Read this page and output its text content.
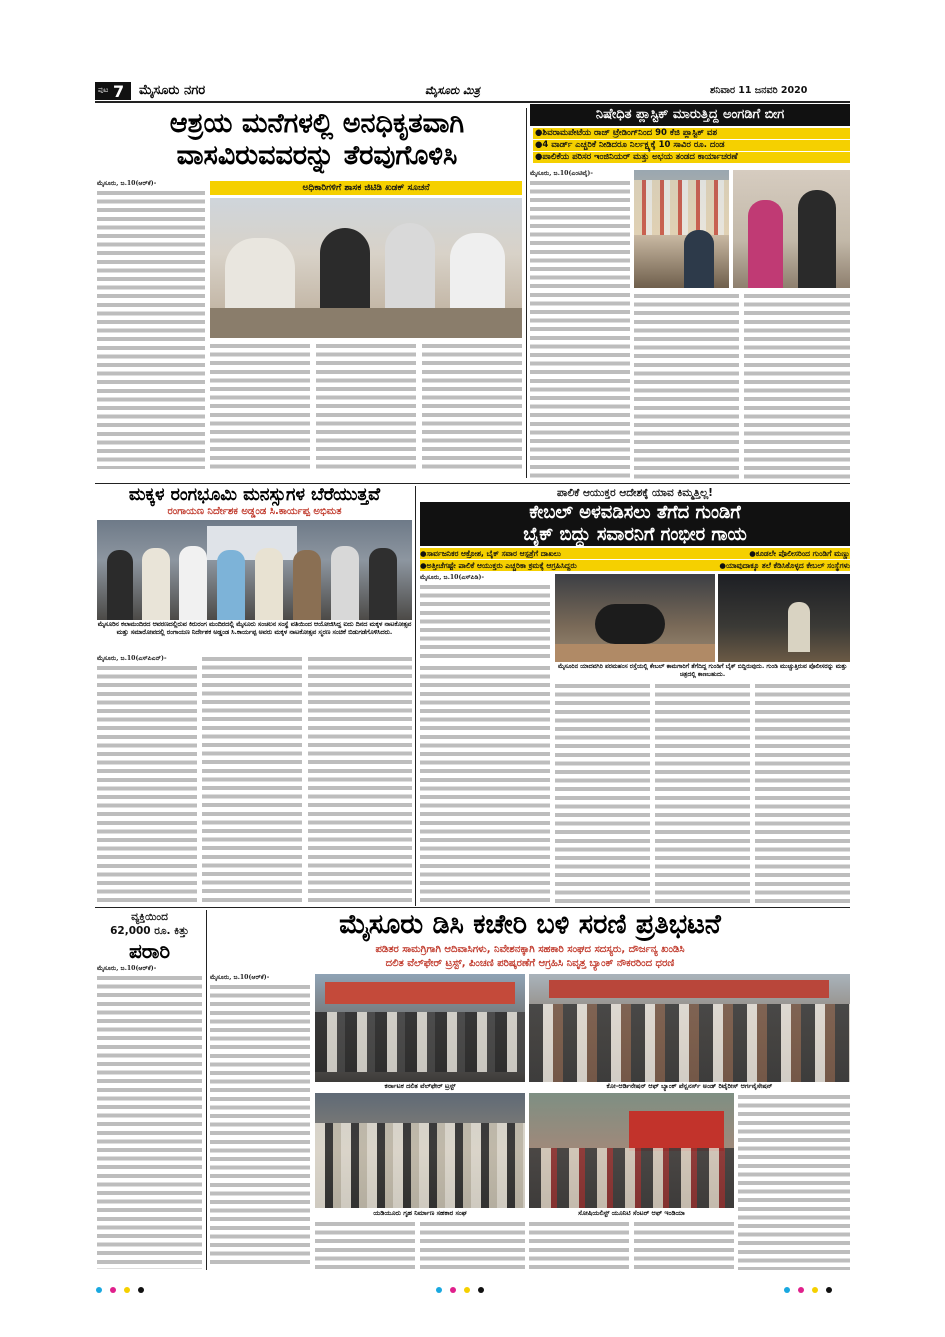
ಪುಟ 7 ಮೈಸೂರು ನಗರ	ಮೈಸೂರು ಮಿತ್ರ	ಶನಿವಾರ 11 ಜನವರಿ 2020
ಆಶ್ರಯ ಮನೆಗಳಲ್ಲಿ ಅನಧಿಕೃತವಾಗಿ
ವಾಸವಿರುವವರನ್ನು ತೆರವುಗೊಳಿಸಿ
ಅಧಿಕಾರಿಗಳಿಗೆ ಶಾಸಕ ಜಿಟಿಡಿ ಖಡಕ್ ಸೂಚನೆ
ಮೈಸೂರು, ಜ.10(ಆರ್‌ಕೆ)-
ನಿಷೇಧಿತ ಪ್ಲಾಸ್ಟಿಕ್ ಮಾರುತ್ತಿದ್ದ ಅಂಗಡಿಗೆ ಬೀಗ
●ಶಿವರಾಮಪೇಟೆಯ ರಾಜ್ ಟ್ರೇಡಿಂಗ್‌ನಿಂದ 90 ಕೆಜಿ ಪ್ಲಾಸ್ಟಿಕ್ ವಶ
●4 ವಾರ್ಡ್ ಎಚ್ಚರಿಕೆ ನೀಡಿದರೂ ನಿರ್ಲಕ್ಷ್ಯಕ್ಕೆ 10 ಸಾವಿರ ರೂ. ದಂಡ
●ಪಾಲಿಕೆಯ ಪರಿಸರ ಇಂಜಿನಿಯರ್ ಮತ್ತು ಅಭಯ ತಂಡದ ಕಾರ್ಯಾಚರಣೆ
ಮೈಸೂರು, ಜ.10(ಎಂಟಿವೈ)-
ಮಕ್ಕಳ ರಂಗಭೂಮಿ ಮನಸ್ಸುಗಳ ಬೆರೆಯುತ್ತವೆ
ರಂಗಾಯಣ ನಿರ್ದೇಶಕ ಅಡ್ಡಂಡ ಸಿ.ಕಾರ್ಯಪ್ಪ ಅಭಿಮತ
ಮೈಸೂರಿನ ಕಲಾಮಂದಿರದ ಆವರಣದಲ್ಲಿರುವ ಕಿರುರಂಗ ಮಂದಿರದಲ್ಲಿ ಮೈಸೂರು ಸಂಚಲನ ಸಂಸ್ಥೆ ವತಿಯಿಂದ ಆಯೋಜಿಸಿದ್ದ ಐದು ದಿನದ ಮಕ್ಕಳ ನಾಟಕೋತ್ಸವ ಮತ್ತು ಸಮಾರೋಪದಲ್ಲಿ ರಂಗಾಯಣ ನಿರ್ದೇಶಕ ಅಡ್ಡಂಡ ಸಿ.ಕಾರ್ಯಪ್ಪ ಅವರು ಮಕ್ಕಳ ನಾಟಕೋತ್ಸವ ಸ್ಮರಣ ಸಂಚಿಕೆ ಬಿಡುಗಡೆಗೊಳಿಸಿದರು.
ಮೈಸೂರು, ಜ.10(ಎಸ್‌ಪಿಎನ್)-
ಪಾಲಿಕೆ ಆಯುಕ್ತರ ಆದೇಶಕ್ಕೆ ಯಾವ ಕಿಮ್ಮತ್ತಿಲ್ಲ!
ಕೇಬಲ್ ಅಳವಡಿಸಲು ತೆಗೆದ ಗುಂಡಿಗೆ
ಬೈಕ್ ಬಿದ್ದು ಸವಾರನಿಗೆ ಗಂಭೀರ ಗಾಯ
●ಸಾರ್ವಜನಿಕರ ಆಕ್ರೋಶ, ಬೈಕ್ ಸವಾರ ಆಸ್ಪತ್ರೆಗೆ ದಾಖಲು	●ಕೂಡಲೇ ಪೊಲೀಸರಿಂದ ಗುಂಡಿಗೆ ಮಣ್ಣು
●ಅತ್ತೀಚೆಗಷ್ಟೇ ಪಾಲಿಕೆ ಆಯುಕ್ತರು ಎಚ್ಚರಿಕಾ ಕ್ರಮಕ್ಕೆ ಆಗ್ರಹಿಸಿದ್ದರು	●ಯಾವುದಾಕ್ಕೂ ತಲೆ ಕೆಡಿಸಿಕೊಳ್ಳದ ಕೇಬಲ್ ಸಂಸ್ಥೆಗಳು
ಮೈಸೂರು, ಜ.10(ಎಸ್‌ಪಿಡಿ)-
ಮೈಸೂರಿನ ಯಾದವಗಿರಿ ಪರಮಹಂಸ ರಸ್ತೆಯಲ್ಲಿ ಕೇಬಲ್ ಕಾಮಗಾರಿಗೆ ತೆಗೆದಿದ್ದ ಗುಂಡಿಗೆ ಬೈಕ್ ಬಿದ್ದಿರುವುದು. ಗುಂಡಿ ಮುಚ್ಚುತ್ತಿರುವ ಪೊಲೀಸರನ್ನು ಮತ್ತು ಚಿತ್ರದಲ್ಲಿ ಕಾಣಬಹುದು.
ವ್ಯಕ್ತಿಯಿಂದ
62,000 ರೂ. ಕಿತ್ತು
ಪರಾರಿ
ಮೈಸೂರು, ಜ.10(ಆರ್‌ಕೆ)-
ಮೈಸೂರು ಡಿಸಿ ಕಚೇರಿ ಬಳಿ ಸರಣಿ ಪ್ರತಿಭಟನೆ
ಪಡಿತರ ಸಾಮಗ್ರಿಗಾಗಿ ಆದಿವಾಸಿಗಳು, ನಿವೇಶನಕ್ಕಾಗಿ ಸಹಕಾರಿ ಸಂಘದ ಸದಸ್ಯರು, ದೌರ್ಜನ್ಯ ಖಂಡಿಸಿ
ದಲಿತ ವೆಲ್‌ಫೇರ್ ಟ್ರಸ್ಟ್, ಪಿಂಚಣಿ ಪರಿಷ್ಕರಣೆಗೆ ಆಗ್ರಹಿಸಿ ನಿವೃತ್ತ ಬ್ಯಾಂಕ್ ನೌಕರರಿಂದ ಧರಣಿ
ಮೈಸೂರು, ಜ.10(ಆರ್‌ಕೆ)-
ಕರ್ನಾಟಕ ದಲಿತ ವೆಲ್‌ಫೇರ್ ಟ್ರಸ್ಟ್	ಕೋ-ಆರ್ಡಿನೇಷನ್ ಆಫ್ ಬ್ಯಾಂಕ್ ಪೆನ್ಷನರ್ಸ್ ಅಂಡ್ ರಿಟೈರೀಸ್ ಆರ್ಗನೈಸೇಷನ್
ಯಡಿಯೂರು ಗೃಹ ನಿರ್ಮಾಣ ಸಹಕಾರ ಸಂಘ	ಸೋಷಿಯಲಿಸ್ಟ್ ಯೂನಿಟಿ ಸೆಂಟರ್ ಆಫ್ ಇಂಡಿಯಾ
